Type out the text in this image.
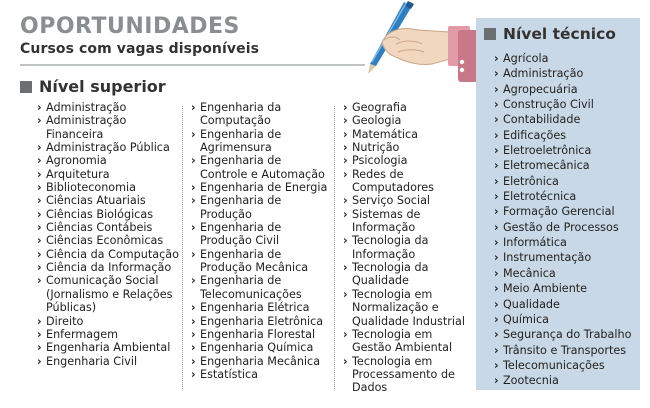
OPORTUNIDADES
Cursos com vagas disponíveis
Nível superior
› Administração
› Administração Financeira
› Administração Pública
› Agronomia
› Arquitetura
› Biblioteconomia
› Ciências Atuariais
› Ciências Biológicas
› Ciências Contábeis
› Ciências Econômicas
› Ciência da Computação
› Ciência da Informação
› Comunicação Social (Jornalismo e Relações Públicas)
› Direito
› Enfermagem
› Engenharia Ambiental
› Engenharia Civil
› Engenharia da Computação
› Engenharia de Agrimensura
› Engenharia de Controle e Automação
› Engenharia de Energia
› Engenharia de Produção
› Engenharia de Produção Civil
› Engenharia de Produção Mecânica
› Engenharia de Telecomunicações
› Engenharia Elétrica
› Engenharia Eletrônica
› Engenharia Florestal
› Engenharia Química
› Engenharia Mecânica
› Estatística
› Geografia
› Geologia
› Matemática
› Nutrição
› Psicologia
› Redes de Computadores
› Serviço Social
› Sistemas de Informação
› Tecnologia da Informação
› Tecnologia da Qualidade
› Tecnologia em Normalização e Qualidade Industrial
› Tecnologia em Gestão Ambiental
› Tecnologia em Processamento de Dados
Nível técnico
› Agrícola
› Administração
› Agropecuária
› Construção Civil
› Contabilidade
› Edificações
› Eletroeletrônica
› Eletromecânica
› Eletrônica
› Eletrotécnica
› Formação Gerencial
› Gestão de Processos
› Informática
› Instrumentação
› Mecânica
› Meio Ambiente
› Qualidade
› Química
› Segurança do Trabalho
› Trânsito e Transportes
› Telecomunicações
› Zootecnia
